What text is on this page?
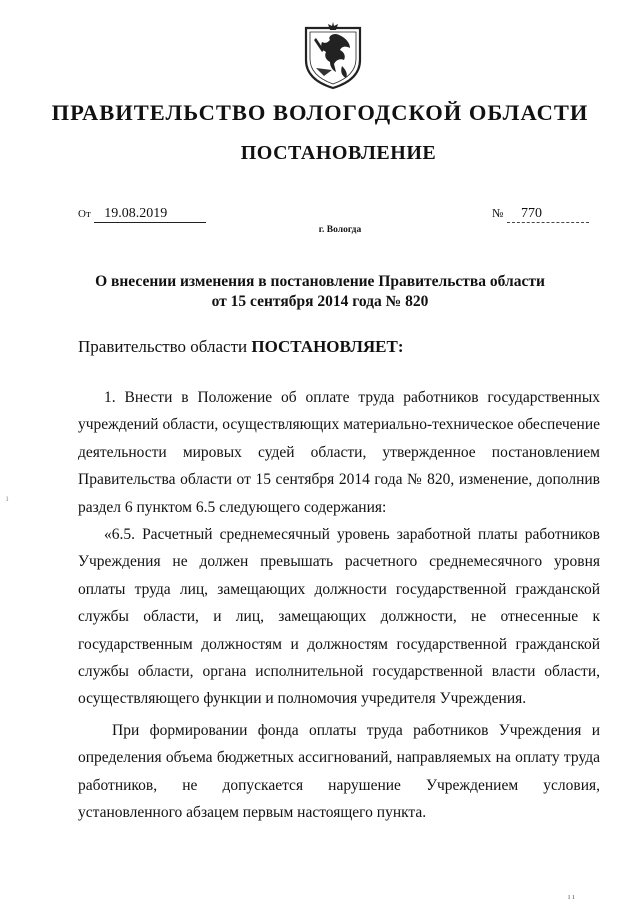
ПРАВИТЕЛЬСТВО ВОЛОГОДСКОЙ ОБЛАСТИ
ПОСТАНОВЛЕНИЕ
От 19.08.2019	№ 770
г. Вологда
О внесении изменения в постановление Правительства области
от 15 сентября 2014 года № 820
Правительство области ПОСТАНОВЛЯЕТ:

1. Внести в Положение об оплате труда работников государственных учреждений области, осуществляющих материально-техническое обеспечение деятельности мировых судей области, утвержденное постановлением Правительства области от 15 сентября 2014 года № 820, изменение, дополнив раздел 6 пунктом 6.5 следующего содержания:

«6.5. Расчетный среднемесячный уровень заработной платы работников Учреждения не должен превышать расчетного среднемесячного уровня оплаты труда лиц, замещающих должности государственной гражданской службы области, и лиц, замещающих должности, не отнесенные к государственным должностям и должностям государственной гражданской службы области, органа исполнительной государственной власти области, осуществляющего функции и полномочия учредителя Учреждения.

При формировании фонда оплаты труда работников Учреждения и определения объема бюджетных ассигнований, направляемых на оплату труда работников, не допускается нарушение Учреждением условия, установленного абзацем первым настоящего пункта.

ı
ı ı
